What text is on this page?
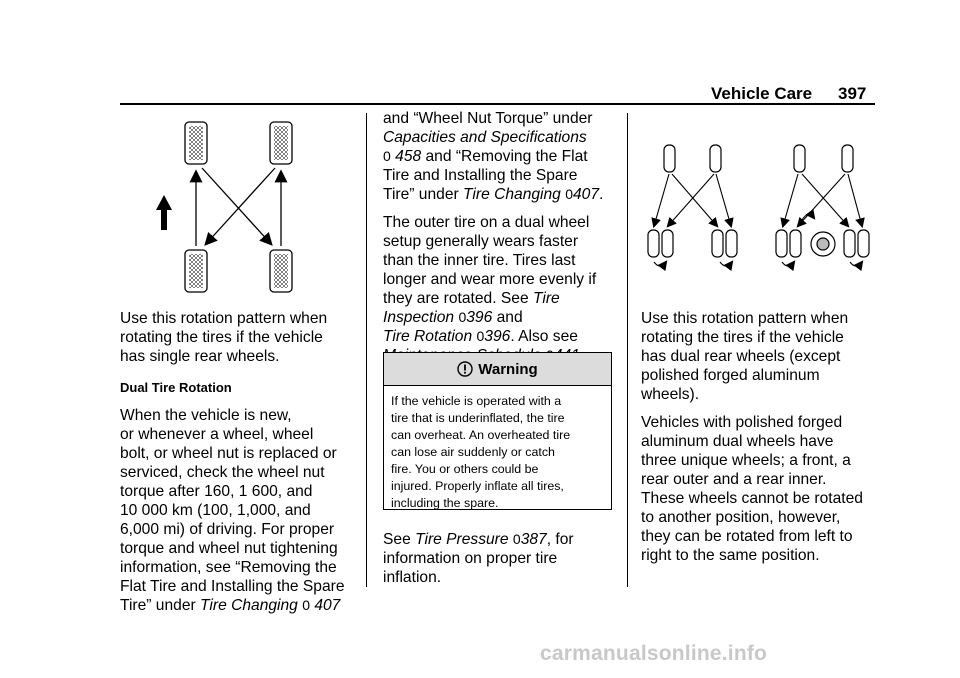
Vehicle Care 397

Use this rotation pattern when
rotating the tires if the vehicle
has single rear wheels.

Dual Tire Rotation

When the vehicle is new,
or whenever a wheel, wheel
bolt, or wheel nut is replaced or
serviced, check the wheel nut
torque after 160, 1 600, and
10 000 km (100, 1,000, and
6,000 mi) of driving. For proper
torque and wheel nut tightening
information, see “Removing the
Flat Tire and Installing the Spare
Tire” under Tire Changing 0 407

and “Wheel Nut Torque” under
Capacities and Specifications
0 458 and “Removing the Flat
Tire and Installing the Spare
Tire” under Tire Changing 0407.

The outer tire on a dual wheel
setup generally wears faster
than the inner tire. Tires last
longer and wear more evenly if
they are rotated. See Tire
Inspection 0396 and
Tire Rotation 0396. Also see

Warning
If the vehicle is operated with a
tire that is underinflated, the tire
can overheat. An overheated tire
can lose air suddenly or catch
fire. You or others could be
injured. Properly inflate all tires,
including the spare.

See Tire Pressure 0387, for
information on proper tire
inflation.

Use this rotation pattern when
rotating the tires if the vehicle
has dual rear wheels (except
polished forged aluminum
wheels).

Vehicles with polished forged
aluminum dual wheels have
three unique wheels; a front, a
rear outer and a rear inner.
These wheels cannot be rotated
to another position, however,
they can be rotated from left to
right to the same position.

carmanualsonline.info
